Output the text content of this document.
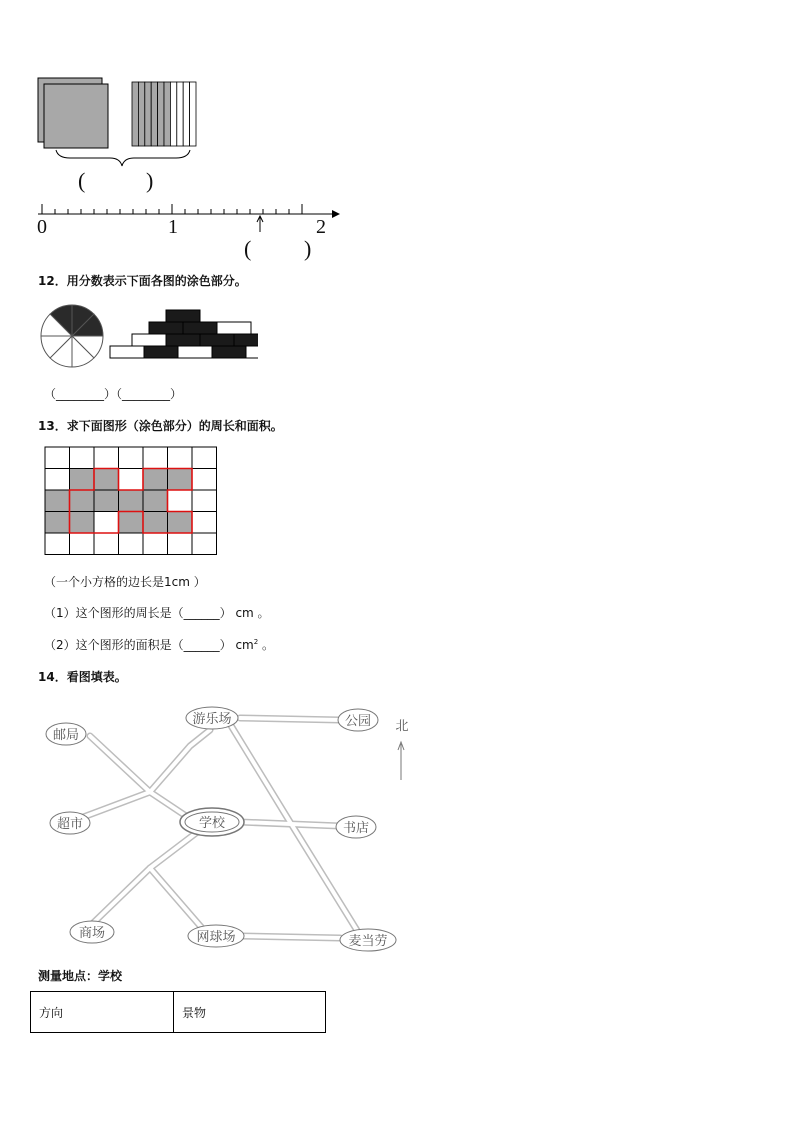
(	)
0	1	2
( )
12．用分数表示下面各图的涂色部分。
（________）（________）
13．求下面图形（涂色部分）的周长和面积。
（一个小方格的边长是1cm ）
（1）这个图形的周长是（______） cm 。
（2）这个图形的面积是（______） $cm^2$ 。
14．看图填表。
游乐场	公园
邮局
超市	学校	书店
商场	网球场	麦当劳
北
测量地点：学校
方向	景物
